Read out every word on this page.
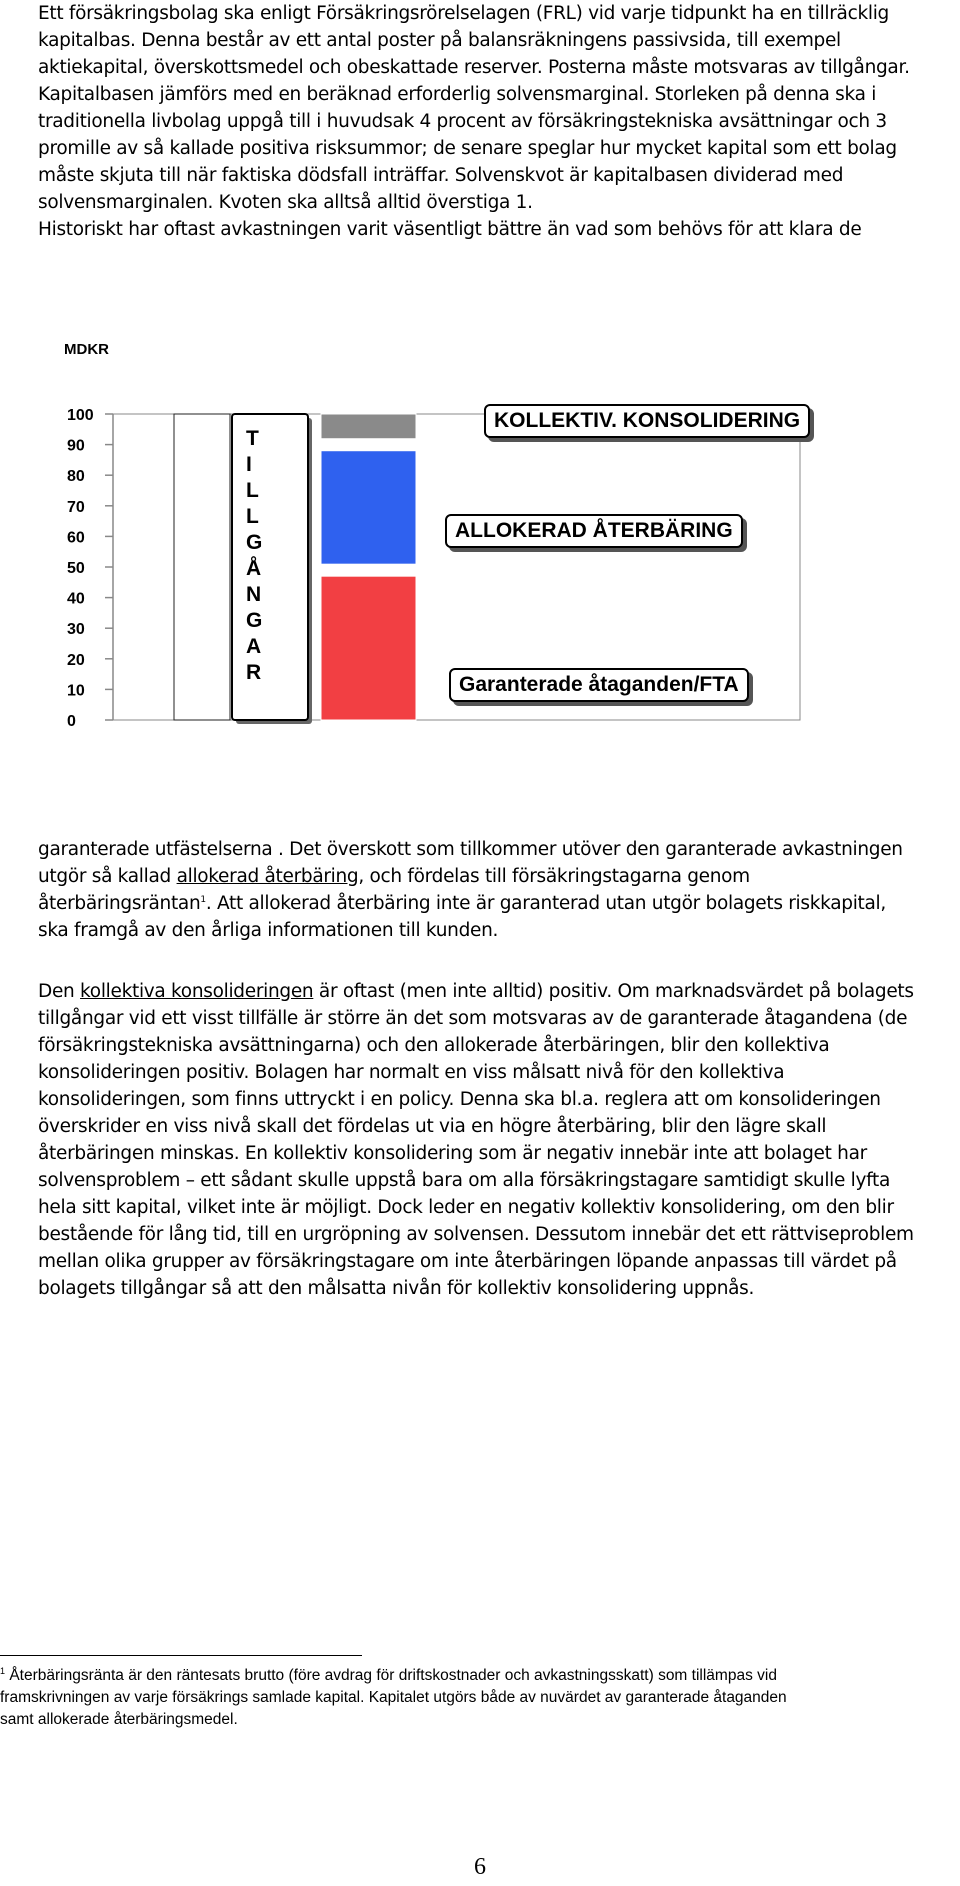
Ett försäkringsbolag ska enligt Försäkringsrörelselagen (FRL) vid varje tidpunkt ha en tillräcklig
kapitalbas. Denna består av ett antal poster på balansräkningens passivsida, till exempel
aktiekapital, överskottsmedel och obeskattade reserver. Posterna måste motsvaras av tillgångar.
Kapitalbasen jämförs med en beräknad erforderlig solvensmarginal. Storleken på denna ska i
traditionella livbolag uppgå till i huvudsak 4 procent av försäkringstekniska avsättningar och 3
promille av så kallade positiva risksummor; de senare speglar hur mycket kapital som ett bolag
måste skjuta till när faktiska dödsfall inträffar. Solvenskvot är kapitalbasen dividerad med
solvensmarginalen. Kvoten ska alltså alltid överstiga 1.
Historiskt har oftast avkastningen varit väsentligt bättre än vad som behövs för att klara de
MDKR
100
90
80
70
60
50
40
30
20
10
0
T
I
L
L
G
Å
N
G
A
R
KOLLEKTIV. KONSOLIDERING
ALLOKERAD ÅTERBÄRING
Garanterade åtaganden/FTA
garanterade utfästelserna . Det överskott som tillkommer utöver den garanterade avkastningen
utgör så kallad allokerad återbäring, och fördelas till försäkringstagarna genom
återbäringsräntan$^1$. Att allokerad återbäring inte är garanterad utan utgör bolagets riskkapital,
ska framgå av den årliga informationen till kunden.
Den kollektiva konsolideringen är oftast (men inte alltid) positiv. Om marknadsvärdet på bolagets
tillgångar vid ett visst tillfälle är större än det som motsvaras av de garanterade åtagandena (de
försäkringstekniska avsättningarna) och den allokerade återbäringen, blir den kollektiva
konsolideringen positiv. Bolagen har normalt en viss målsatt nivå för den kollektiva
konsolideringen, som finns uttryckt i en policy. Denna ska bl.a. reglera att om konsolideringen
överskrider en viss nivå skall det fördelas ut via en högre återbäring, blir den lägre skall
återbäringen minskas. En kollektiv konsolidering som är negativ innebär inte att bolaget har
solvensproblem – ett sådant skulle uppstå bara om alla försäkringstagare samtidigt skulle lyfta
hela sitt kapital, vilket inte är möjligt. Dock leder en negativ kollektiv konsolidering, om den blir
bestående för lång tid, till en urgröpning av solvensen. Dessutom innebär det ett rättviseproblem
mellan olika grupper av försäkringstagare om inte återbäringen löpande anpassas till värdet på
bolagets tillgångar så att den målsatta nivån för kollektiv konsolidering uppnås.
$^1$ Återbäringsränta är den räntesats brutto (före avdrag för driftskostnader och avkastningsskatt) som tillämpas vid
framskrivningen av varje försäkrings samlade kapital. Kapitalet utgörs både av nuvärdet av garanterade åtaganden
samt allokerade återbäringsmedel.
6
